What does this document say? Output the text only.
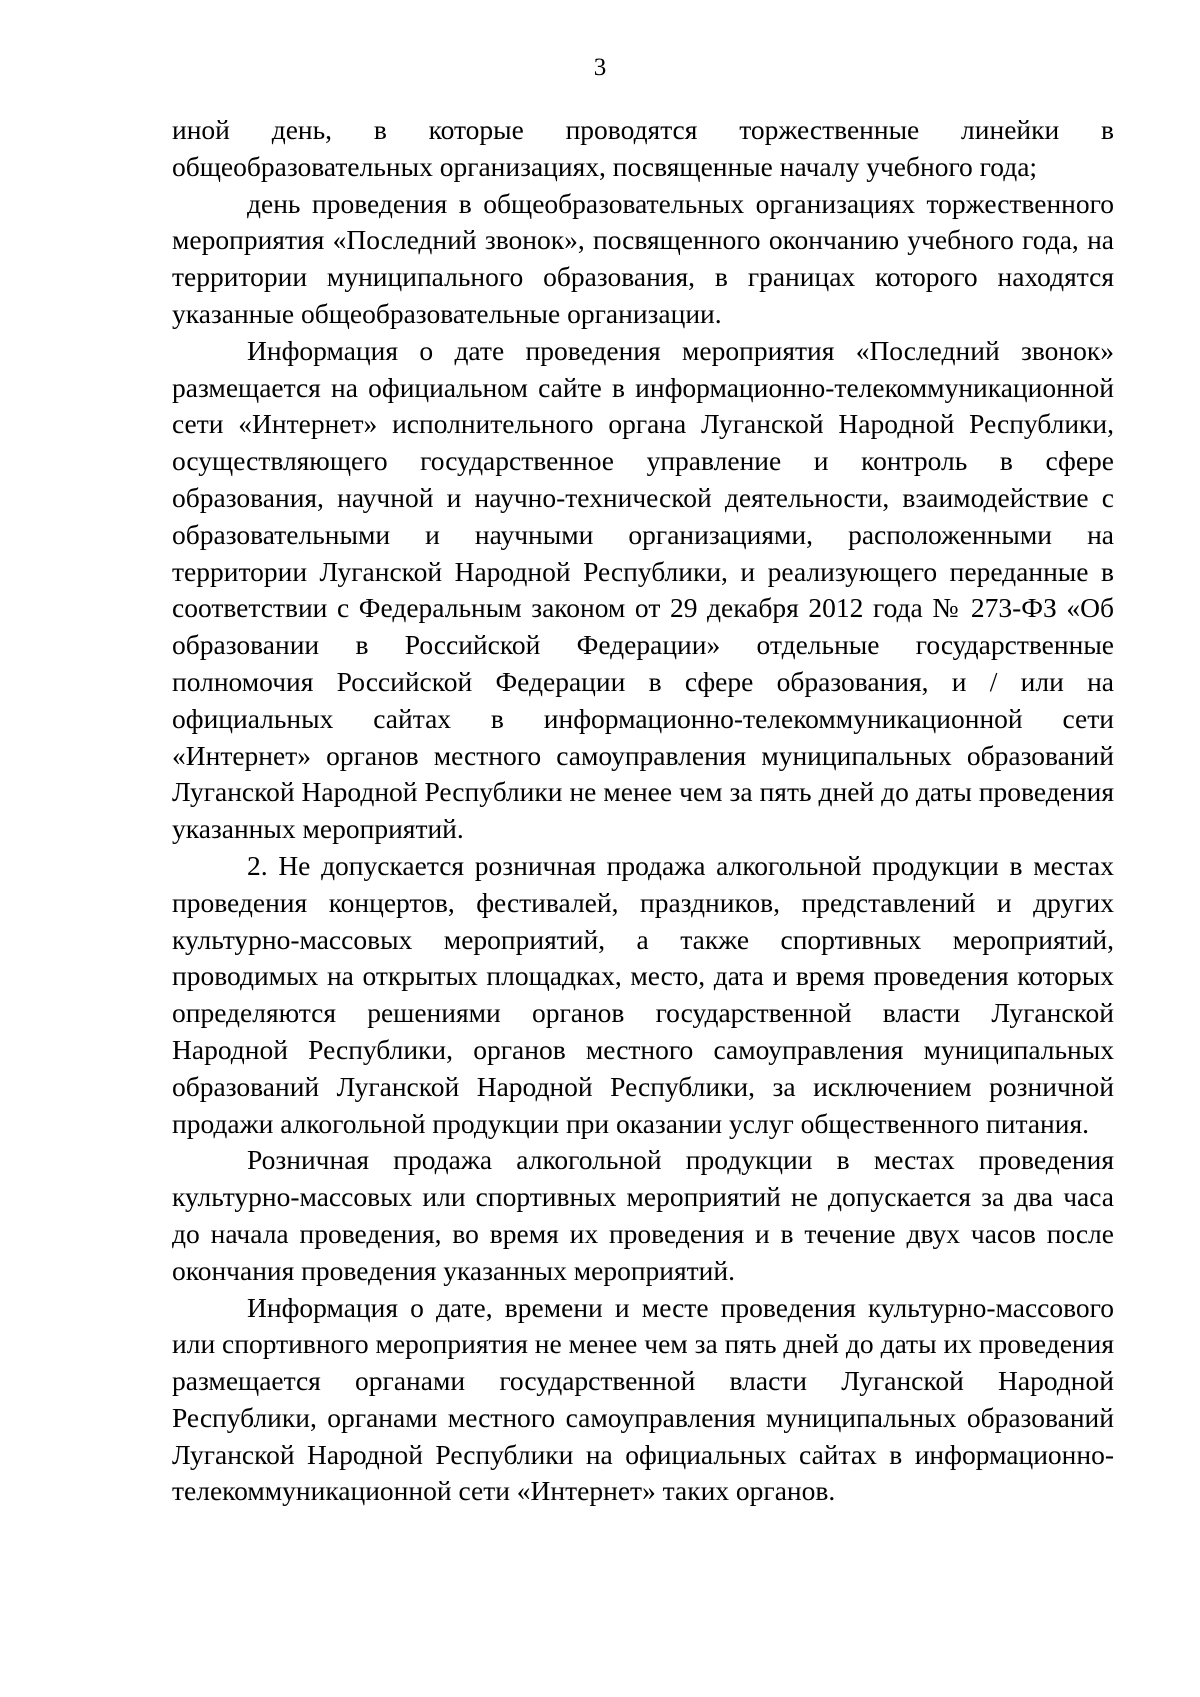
3

иной день, в которые проводятся торжественные линейки в общеобразовательных организациях, посвященные началу учебного года;

день проведения в общеобразовательных организациях торжественного мероприятия «Последний звонок», посвященного окончанию учебного года, на территории муниципального образования, в границах которого находятся указанные общеобразовательные организации.

Информация о дате проведения мероприятия «Последний звонок» размещается на официальном сайте в информационно-телекоммуникационной сети «Интернет» исполнительного органа Луганской Народной Республики, осуществляющего государственное управление и контроль в сфере образования, научной и научно-технической деятельности, взаимодействие с образовательными и научными организациями, расположенными на территории Луганской Народной Республики, и реализующего переданные в соответствии с Федеральным законом от 29 декабря 2012 года № 273-ФЗ «Об образовании в Российской Федерации» отдельные государственные полномочия Российской Федерации в сфере образования, и / или на официальных сайтах в информационно-телекоммуникационной сети «Интернет» органов местного самоуправления муниципальных образований Луганской Народной Республики не менее чем за пять дней до даты проведения указанных мероприятий.

2. Не допускается розничная продажа алкогольной продукции в местах проведения концертов, фестивалей, праздников, представлений и других культурно-массовых мероприятий, а также спортивных мероприятий, проводимых на открытых площадках, место, дата и время проведения которых определяются решениями органов государственной власти Луганской Народной Республики, органов местного самоуправления муниципальных образований Луганской Народной Республики, за исключением розничной продажи алкогольной продукции при оказании услуг общественного питания.

Розничная продажа алкогольной продукции в местах проведения культурно-массовых или спортивных мероприятий не допускается за два часа до начала проведения, во время их проведения и в течение двух часов после окончания проведения указанных мероприятий.

Информация о дате, времени и месте проведения культурно-массового или спортивного мероприятия не менее чем за пять дней до даты их проведения размещается органами государственной власти Луганской Народной Республики, органами местного самоуправления муниципальных образований Луганской Народной Республики на официальных сайтах в информационно-телекоммуникационной сети «Интернет» таких органов.
